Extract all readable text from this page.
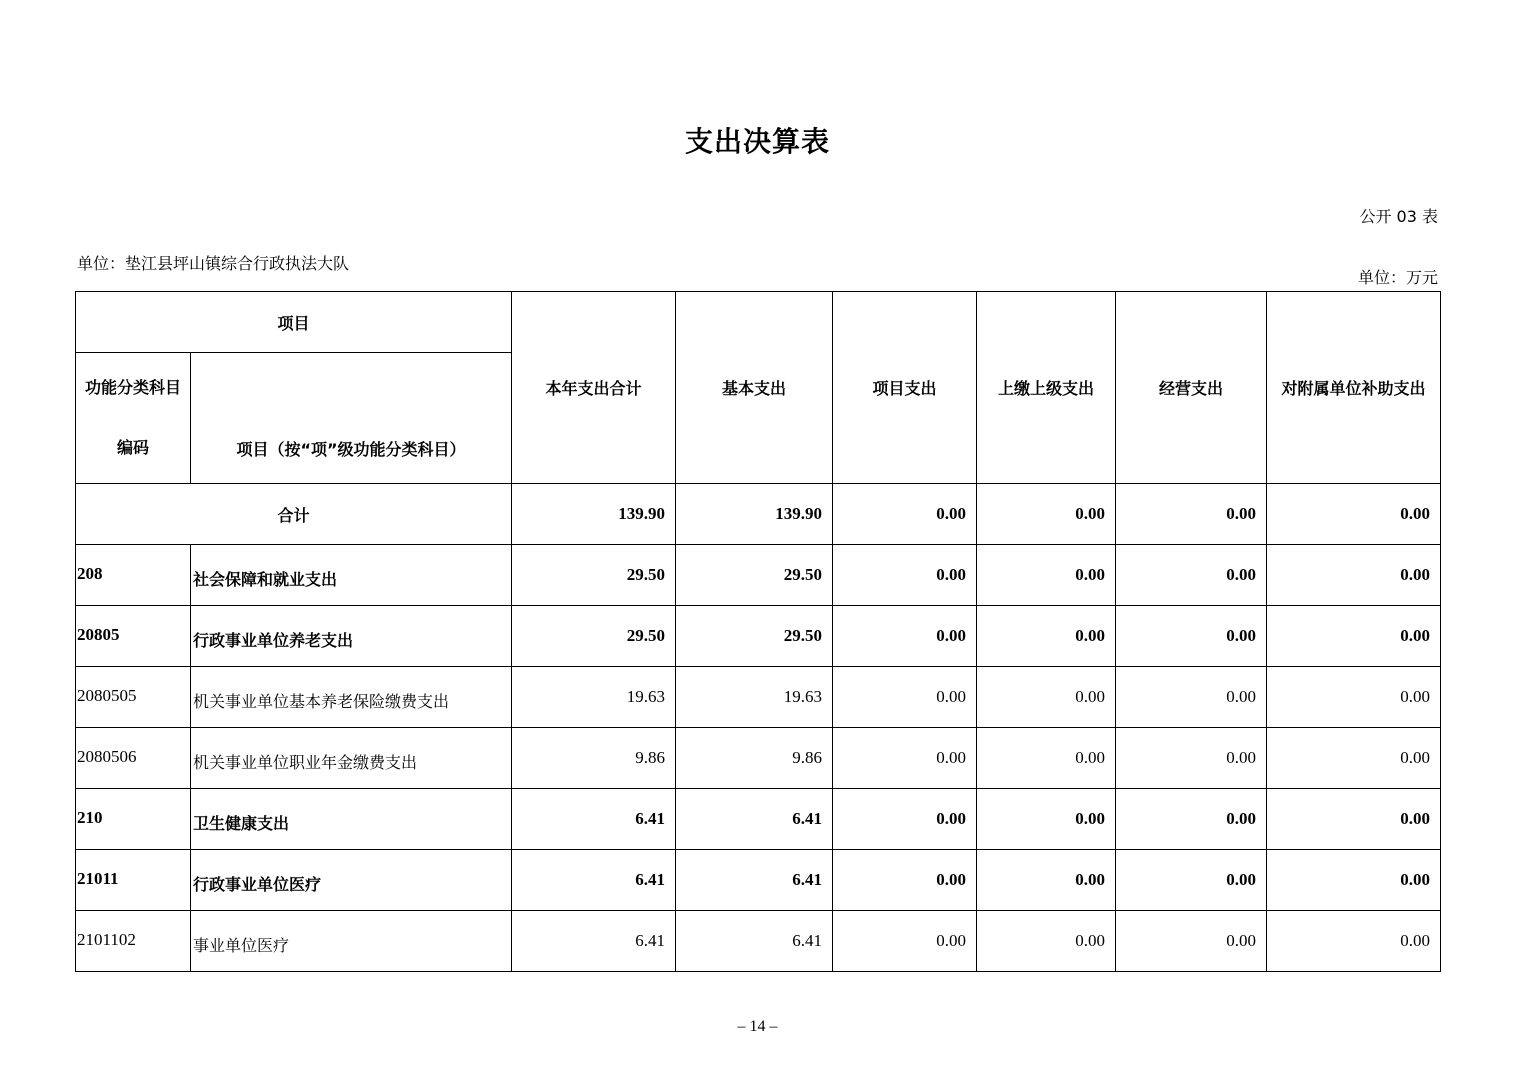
支出决算表
公开 03 表
单位：垫江县坪山镇综合行政执法大队
单位：万元
项目		本年支出合计	基本支出	项目支出	上缴上级支出	经营支出	对附属单位补助支出

功能分类科目
编码	项目（按“项”级功能分类科目）						
合计		139.90	139.90	0.00	0.00	0.00	0.00
208	社会保障和就业支出	29.50	29.50	0.00	0.00	0.00	0.00
20805	行政事业单位养老支出	29.50	29.50	0.00	0.00	0.00	0.00
2080505	机关事业单位基本养老保险缴费支出	19.63	19.63	0.00	0.00	0.00	0.00
2080506	机关事业单位职业年金缴费支出	9.86	9.86	0.00	0.00	0.00	0.00
210	卫生健康支出	6.41	6.41	0.00	0.00	0.00	0.00
21011	行政事业单位医疗	6.41	6.41	0.00	0.00	0.00	0.00
2101102	事业单位医疗	6.41	6.41	0.00	0.00	0.00	0.00
– 14 –
